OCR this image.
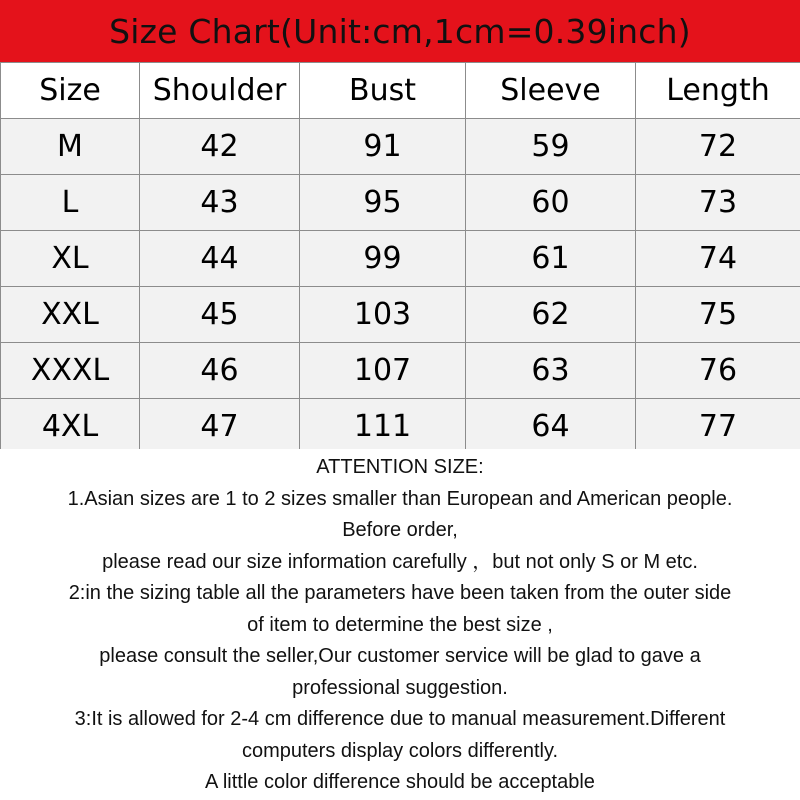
Size Chart(Unit:cm,1cm=0.39inch)
Size	Shoulder	Bust	Sleeve	Length
M	42	91	59	72
L	43	95	60	73
XL	44	99	61	74
XXL	45	103	62	75
XXXL	46	107	63	76
4XL	47	111	64	77
ATTENTION SIZE:
1.Asian sizes are 1 to 2 sizes smaller than European and American people.
Before order,
please read our size information carefully ，but not only S or M etc.
2:in the sizing table all the parameters have been taken from the outer side
of item to determine the best size ,
please consult the seller,Our customer service will be glad to gave a
professional suggestion.
3:It is allowed for 2-4 cm difference due to manual measurement.Different
computers display colors differently.
A little color difference should be acceptable
